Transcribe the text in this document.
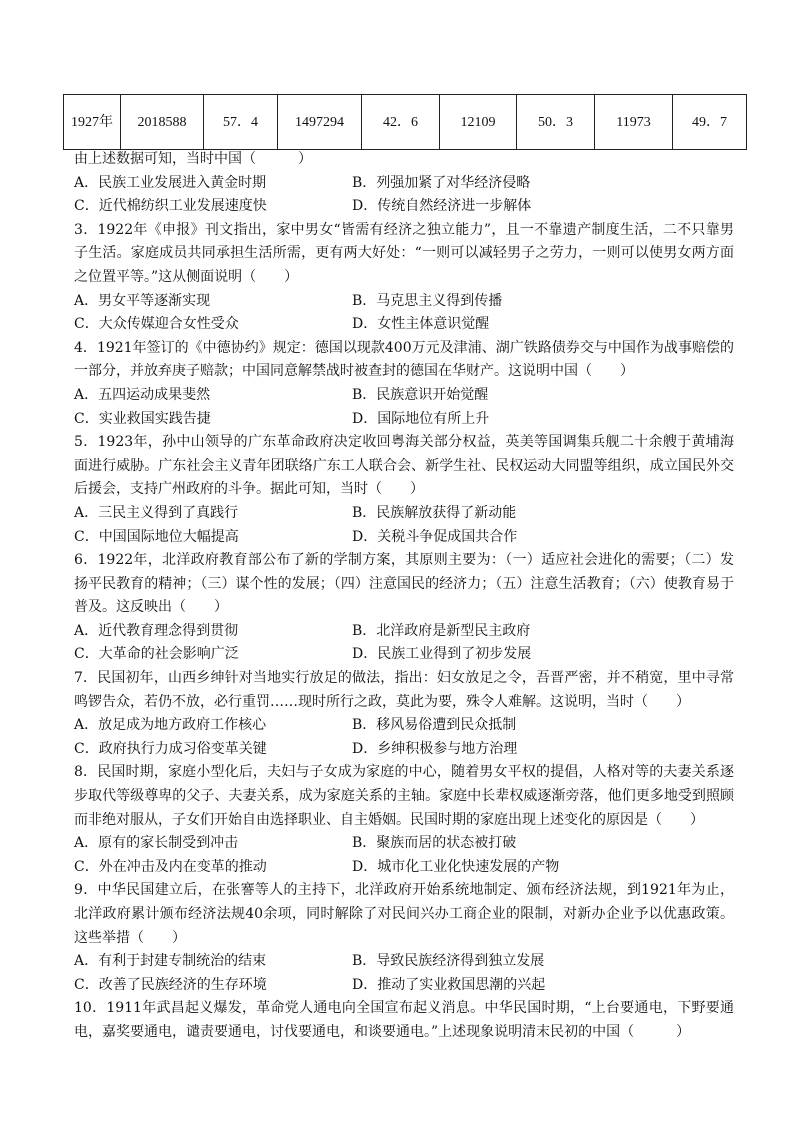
1927年	2018588	57．4	1497294	42．6	12109	50．3	11973	49．7

由上述数据可知，当时中国（　　　）

A．民族工业发展进入黄金时期	B．列强加紧了对华经济侵略
C．近代棉纺织工业发展速度快	D．传统自然经济进一步解体

3．1922年《申报》刊文指出，家中男女“皆需有经济之独立能力”，且一不靠遗产制度生活，二不只靠男子生活。家庭成员共同承担生活所需，更有两大好处：“一则可以减轻男子之劳力，一则可以使男女两方面之位置平等。”这从侧面说明（　　）

A．男女平等逐渐实现	B．马克思主义得到传播
C．大众传媒迎合女性受众	D．女性主体意识觉醒

4．1921年签订的《中德协约》规定：德国以现款400万元及津浦、湖广铁路债券交与中国作为战事赔偿的一部分，并放弃庚子赔款；中国同意解禁战时被查封的德国在华财产。这说明中国（　　）

A．五四运动成果斐然	B．民族意识开始觉醒
C．实业救国实践告捷	D．国际地位有所上升

5．1923年，孙中山领导的广东革命政府决定收回粤海关部分权益，英美等国调集兵舰二十余艘于黄埔海面进行威胁。广东社会主义青年团联络广东工人联合会、新学生社、民权运动大同盟等组织，成立国民外交后援会，支持广州政府的斗争。据此可知，当时（　　）

A．三民主义得到了真践行	B．民族解放获得了新动能
C．中国国际地位大幅提高	D．关税斗争促成国共合作

6．1922年，北洋政府教育部公布了新的学制方案，其原则主要为：（一）适应社会进化的需要；（二）发扬平民教育的精神；（三）谋个性的发展；（四）注意国民的经济力；（五）注意生活教育；（六）使教育易于普及。这反映出（　　）

A．近代教育理念得到贯彻	B．北洋政府是新型民主政府
C．大革命的社会影响广泛	D．民族工业得到了初步发展

7．民国初年，山西乡绅针对当地实行放足的做法，指出：妇女放足之令，吾晋严密，并不稍宽，里中寻常鸣锣告众，若仍不放，必行重罚……现时所行之政，莫此为要，殊令人难解。这说明，当时（　　）

A．放足成为地方政府工作核心	B．移风易俗遭到民众抵制
C．政府执行力成习俗变革关键	D．乡绅积极参与地方治理

8．民国时期，家庭小型化后，夫妇与子女成为家庭的中心，随着男女平权的提倡，人格对等的夫妻关系逐步取代等级尊卑的父子、夫妻关系，成为家庭关系的主轴。家庭中长辈权威逐渐旁落，他们更多地受到照顾而非绝对服从，子女们开始自由选择职业、自主婚姻。民国时期的家庭出现上述变化的原因是（　　）

A．原有的家长制受到冲击	B．聚族而居的状态被打破
C．外在冲击及内在变革的推动	D．城市化工业化快速发展的产物

9．中华民国建立后，在张謇等人的主持下，北洋政府开始系统地制定、颁布经济法规，到1921年为止，北洋政府累计颁布经济法规40余项，同时解除了对民间兴办工商企业的限制，对新办企业予以优惠政策。这些举措（　　）

A．有利于封建专制统治的结束	B．导致民族经济得到独立发展
C．改善了民族经济的生存环境	D．推动了实业救国思潮的兴起

10．1911年武昌起义爆发，革命党人通电向全国宣布起义消息。中华民国时期，“上台要通电，下野要通电，嘉奖要通电，谴责要通电，讨伐要通电，和谈要通电。”上述现象说明清末民初的中国（　　　）
